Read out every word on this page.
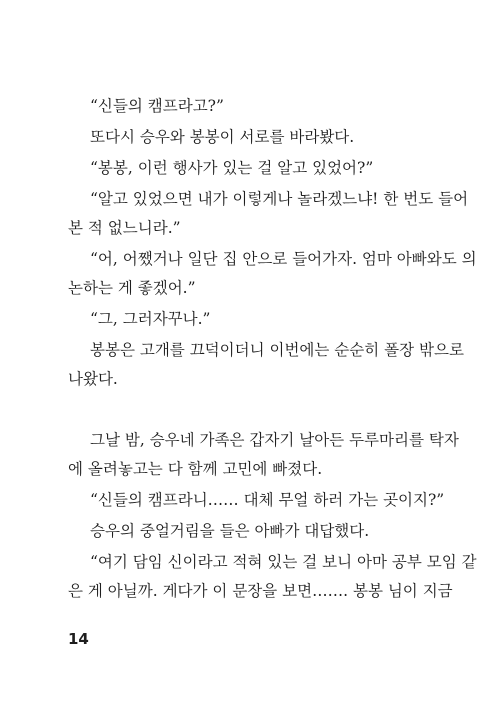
“신들의 캠프라고?”

또다시 승우와 봉봉이 서로를 바라봤다.

“봉봉, 이런 행사가 있는 걸 알고 있었어?”

“알고 있었으면 내가 이렇게나 놀라겠느냐! 한 번도 들어

본 적 없느니라.”

“어, 어쨌거나 일단 집 안으로 들어가자. 엄마 아빠와도 의

논하는 게 좋겠어.”

“그, 그러자꾸나.”

봉봉은 고개를 끄덕이더니 이번에는 순순히 폴장 밖으로

나왔다.

그날 밤, 승우네 가족은 갑자기 날아든 두루마리를 탁자

에 올려놓고는 다 함께 고민에 빠졌다.

“신들의 캠프라니…… 대체 무얼 하러 가는 곳이지?”

승우의 중얼거림을 들은 아빠가 대답했다.

“여기 담임 신이라고 적혀 있는 걸 보니 아마 공부 모임 같

은 게 아닐까. 게다가 이 문장을 보면……. 봉봉 님이 지금

14
